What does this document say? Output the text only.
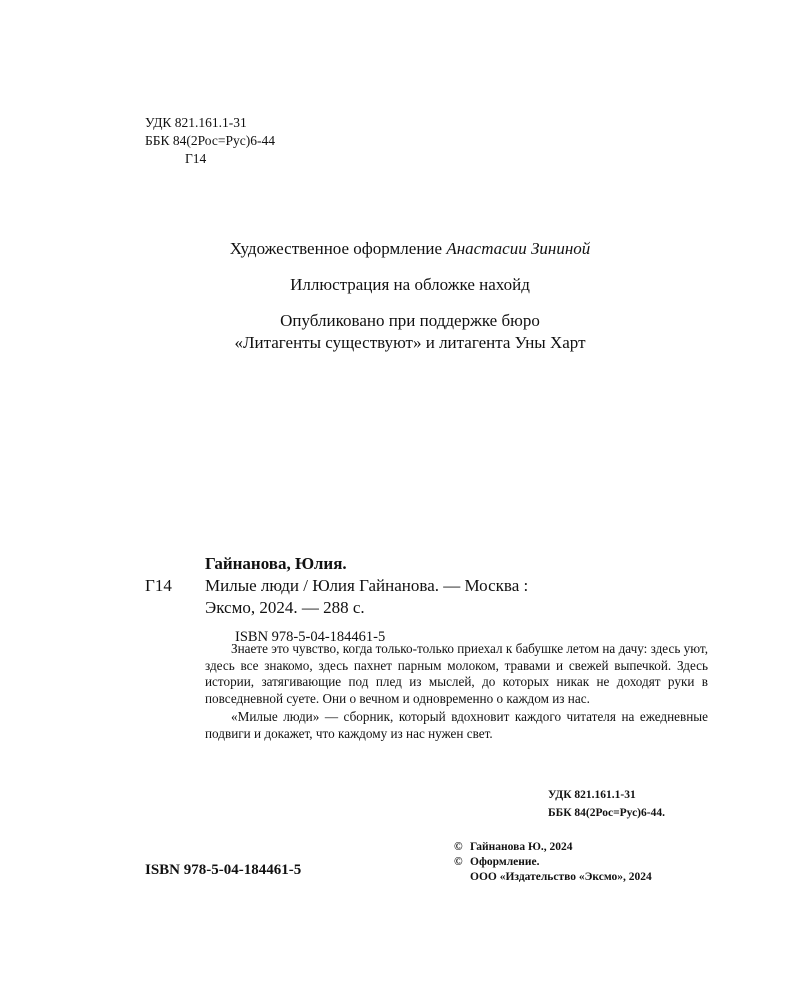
УДК 821.161.1-31
ББК 84(2Рос=Рус)6-44
Г14

Художественное оформление Анастасии Зининой

Иллюстрация на обложке нахойд

Опубликовано при поддержке бюро

«Литагенты существуют» и литагента Уны Харт

Гайнанова, Юлия.
Г14 Милые люди / Юлия Гайнанова. — Москва :
Эксмо, 2024. — 288 с.
ISBN 978-5-04-184461-5

Знаете это чувство, когда только-только приехал к бабушке летом на дачу: здесь уют, здесь все знакомо, здесь пахнет парным молоком, травами и свежей выпечкой. Здесь истории, затягивающие под плед из мыслей, до которых никак не доходят руки в повседневной суете. Они о вечном и одновременно о каждом из нас.

«Милые люди» — сборник, который вдохновит каждого читателя на ежедневные подвиги и докажет, что каждому из нас нужен свет.

УДК 821.161.1-31
ББК 84(2Рос=Рус)6-44.
ISBN 978-5-04-184461-5
© Гайнанова Ю., 2024
© Оформление.
ООО «Издательство «Эксмо», 2024
